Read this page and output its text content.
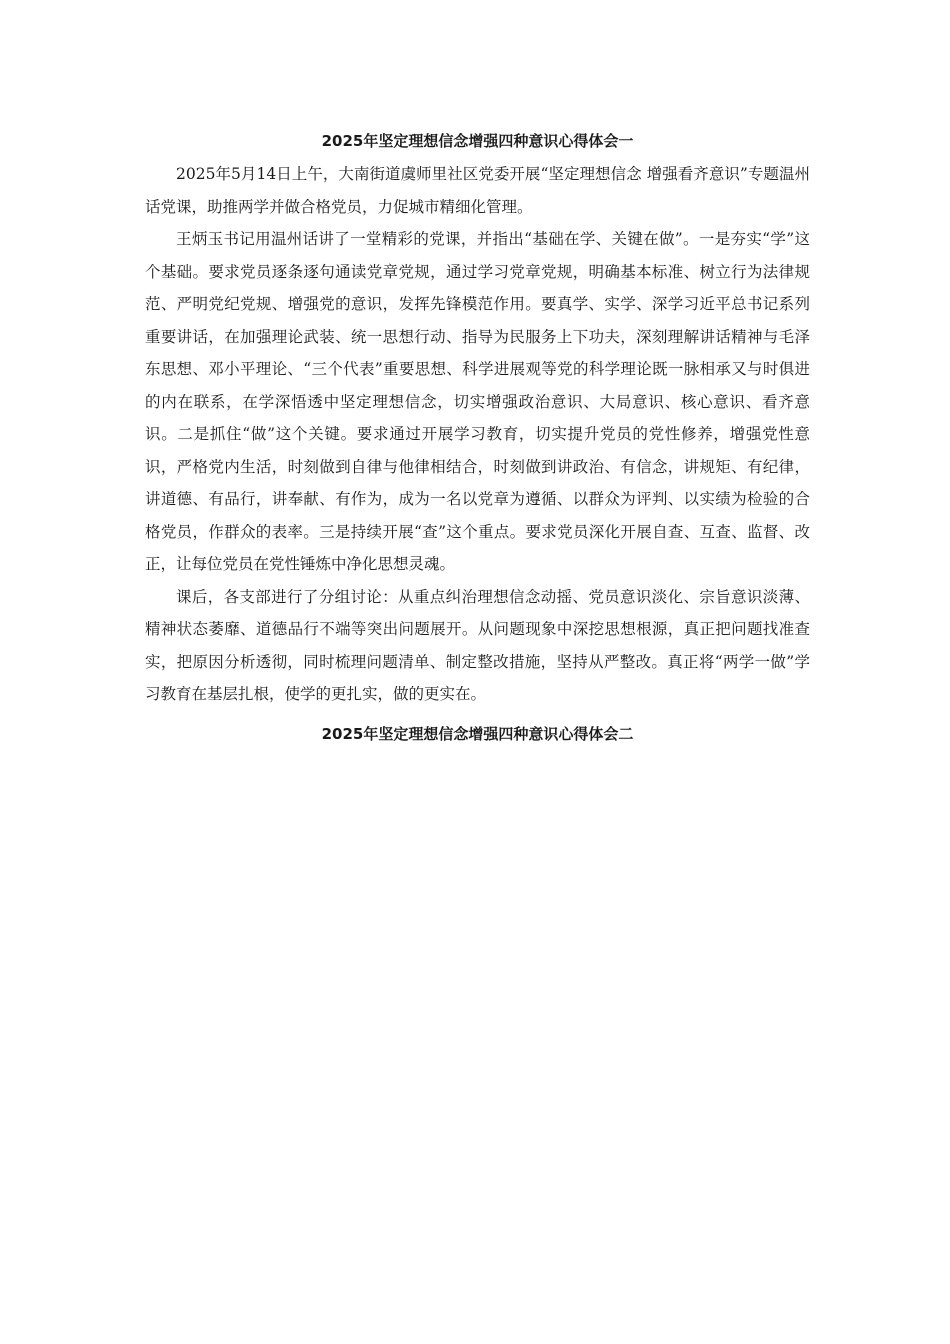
2025年坚定理想信念增强四种意识心得体会一

2025年5月14日上午，大南街道虞师里社区党委开展“坚定理想信念 增强看齐意识”专题温州话党课，助推两学并做合格党员，力促城市精细化管理。

王炳玉书记用温州话讲了一堂精彩的党课，并指出“基础在学、关键在做”。一是夯实“学”这个基础。要求党员逐条逐句通读党章党规，通过学习党章党规，明确基本标准、树立行为法律规范、严明党纪党规、增强党的意识，发挥先锋模范作用。要真学、实学、深学习近平总书记系列重要讲话，在加强理论武装、统一思想行动、指导为民服务上下功夫，深刻理解讲话精神与毛泽东思想、邓小平理论、“三个代表”重要思想、科学进展观等党的科学理论既一脉相承又与时俱进的内在联系，在学深悟透中坚定理想信念，切实增强政治意识、大局意识、核心意识、看齐意识。二是抓住“做”这个关键。要求通过开展学习教育，切实提升党员的党性修养，增强党性意识，严格党内生活，时刻做到自律与他律相结合，时刻做到讲政治、有信念，讲规矩、有纪律，讲道德、有品行，讲奉献、有作为，成为一名以党章为遵循、以群众为评判、以实绩为检验的合格党员，作群众的表率。三是持续开展“查”这个重点。要求党员深化开展自查、互查、监督、改正，让每位党员在党性锤炼中净化思想灵魂。

课后，各支部进行了分组讨论：从重点纠治理想信念动摇、党员意识淡化、宗旨意识淡薄、精神状态萎靡、道德品行不端等突出问题展开。从问题现象中深挖思想根源，真正把问题找准查实，把原因分析透彻，同时梳理问题清单、制定整改措施，坚持从严整改。真正将“两学一做”学习教育在基层扎根，使学的更扎实，做的更实在。

2025年坚定理想信念增强四种意识心得体会二
